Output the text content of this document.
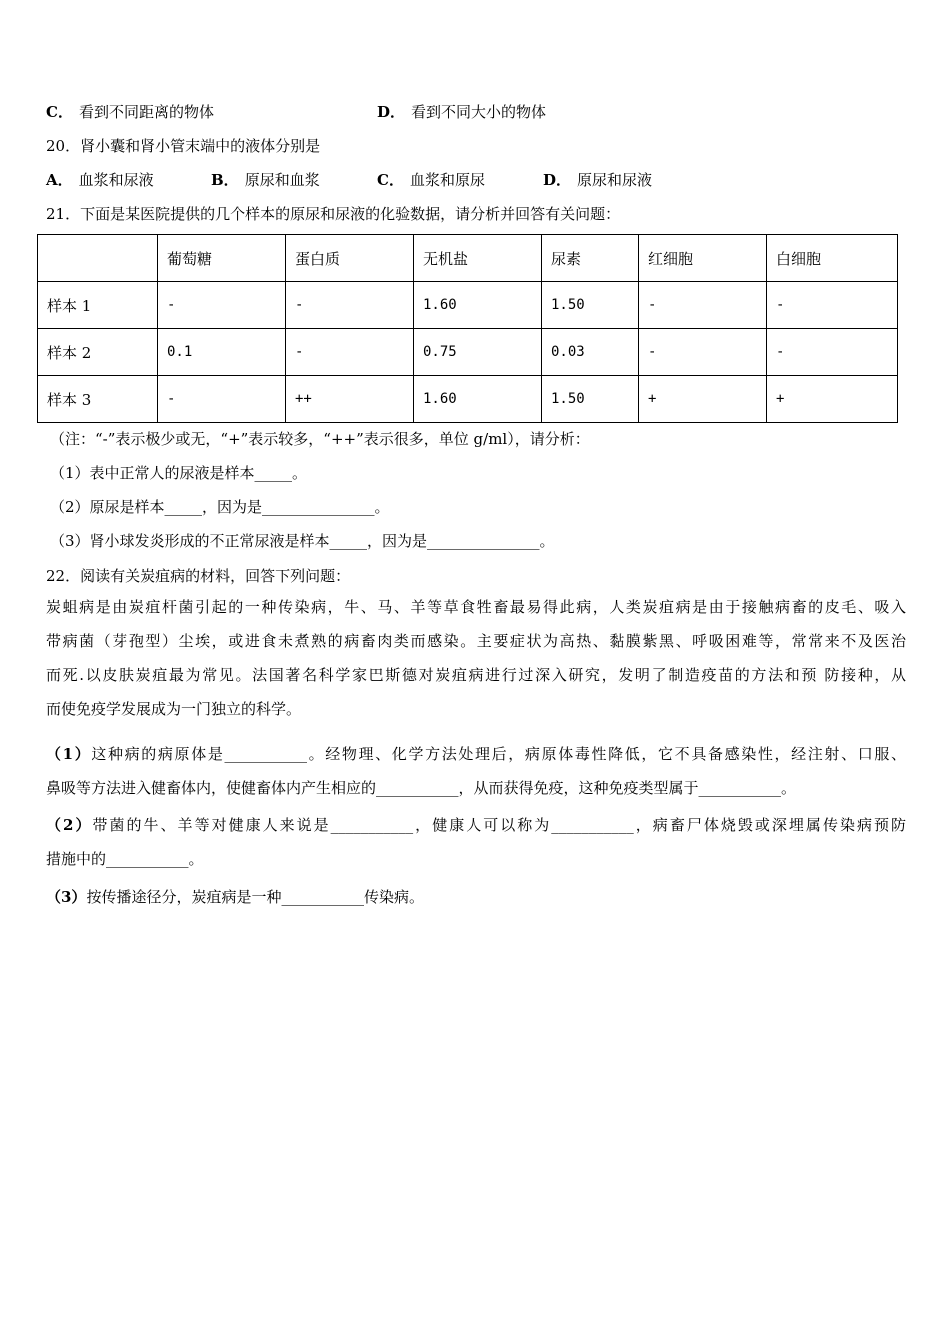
C． 看到不同距离的物体	D． 看到不同大小的物体
20．肾小囊和肾小管末端中的液体分别是
A． 血浆和尿液	B． 原尿和血浆	C． 血浆和原尿	D． 原尿和尿液
21．下面是某医院提供的几个样本的原尿和尿液的化验数据，请分析并回答有关问题：
	葡萄糖	蛋白质	无机盐	尿素	红细胞	白细胞
样本 1	-	-	1.60	1.50	-	-
样本 2	0.1	-	0.75	0.03	-	-
样本 3	-	++	1.60	1.50	+	+
（注：“-”表示极少或无，“+”表示较多，“++”表示很多，单位 g/ml），请分析：
（1）表中正常人的尿液是样本_____。
（2）原尿是样本_____，因为是_______________。
（3）肾小球发炎形成的不正常尿液是样本_____，因为是_______________。
22．阅读有关炭疽病的材料，回答下列问题：
炭蛆病是由炭疽杆菌引起的一种传染病，牛、马、羊等草食牲畜最易得此病，人类炭疽病是由于接触病畜的皮毛、吸入
带病菌（芽孢型）尘埃，或进食未煮熟的病畜肉类而感染。主要症状为高热、黏膜紫黑、呼吸困难等，常常来不及医治
而死.以皮肤炭疽最为常见。法国著名科学家巴斯德对炭疽病进行过深入研究，发明了制造疫苗的方法和预 防接种，从
而使免疫学发展成为一门独立的科学。
（1）这种病的病原体是___________。经物理、化学方法处理后，病原体毒性降低，它不具备感染性，经注射、口服、
鼻吸等方法进入健畜体内，使健畜体内产生相应的___________，从而获得免疫，这种免疫类型属于___________。
（2）带菌的牛、羊等对健康人来说是___________，健康人可以称为___________，病畜尸体烧毁或深埋属传染病预防
措施中的___________。
（3）按传播途径分，炭疽病是一种___________传染病。
